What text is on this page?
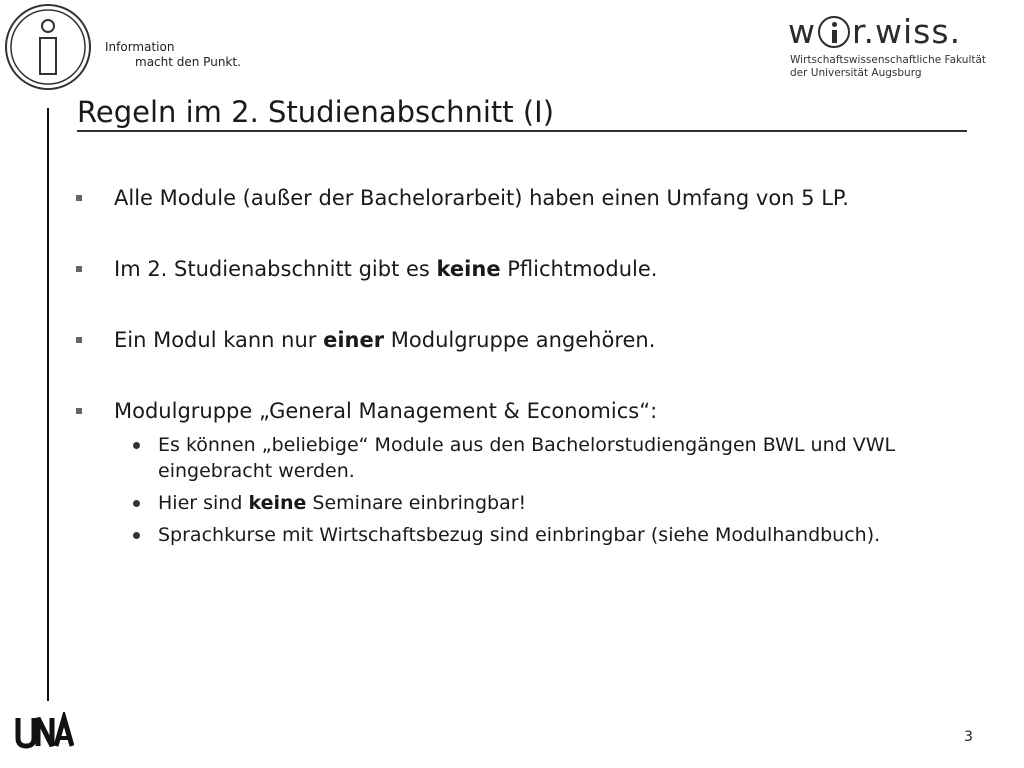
Information
macht den Punkt.
w r.wiss.
Wirtschaftswissenschaftliche Fakultät
der Universität Augsburg
Regeln im 2. Studienabschnitt (I)
Alle Module (außer der Bachelorarbeit) haben einen Umfang von 5 LP.
Im 2. Studienabschnitt gibt es keine Pflichtmodule.
Ein Modul kann nur einer Modulgruppe angehören.
Modulgruppe „General Management & Economics“:
Es können „beliebige“ Module aus den Bachelorstudiengängen BWL und VWL eingebracht werden.
Hier sind keine Seminare einbringbar!
Sprachkurse mit Wirtschaftsbezug sind einbringbar (siehe Modulhandbuch).
3
